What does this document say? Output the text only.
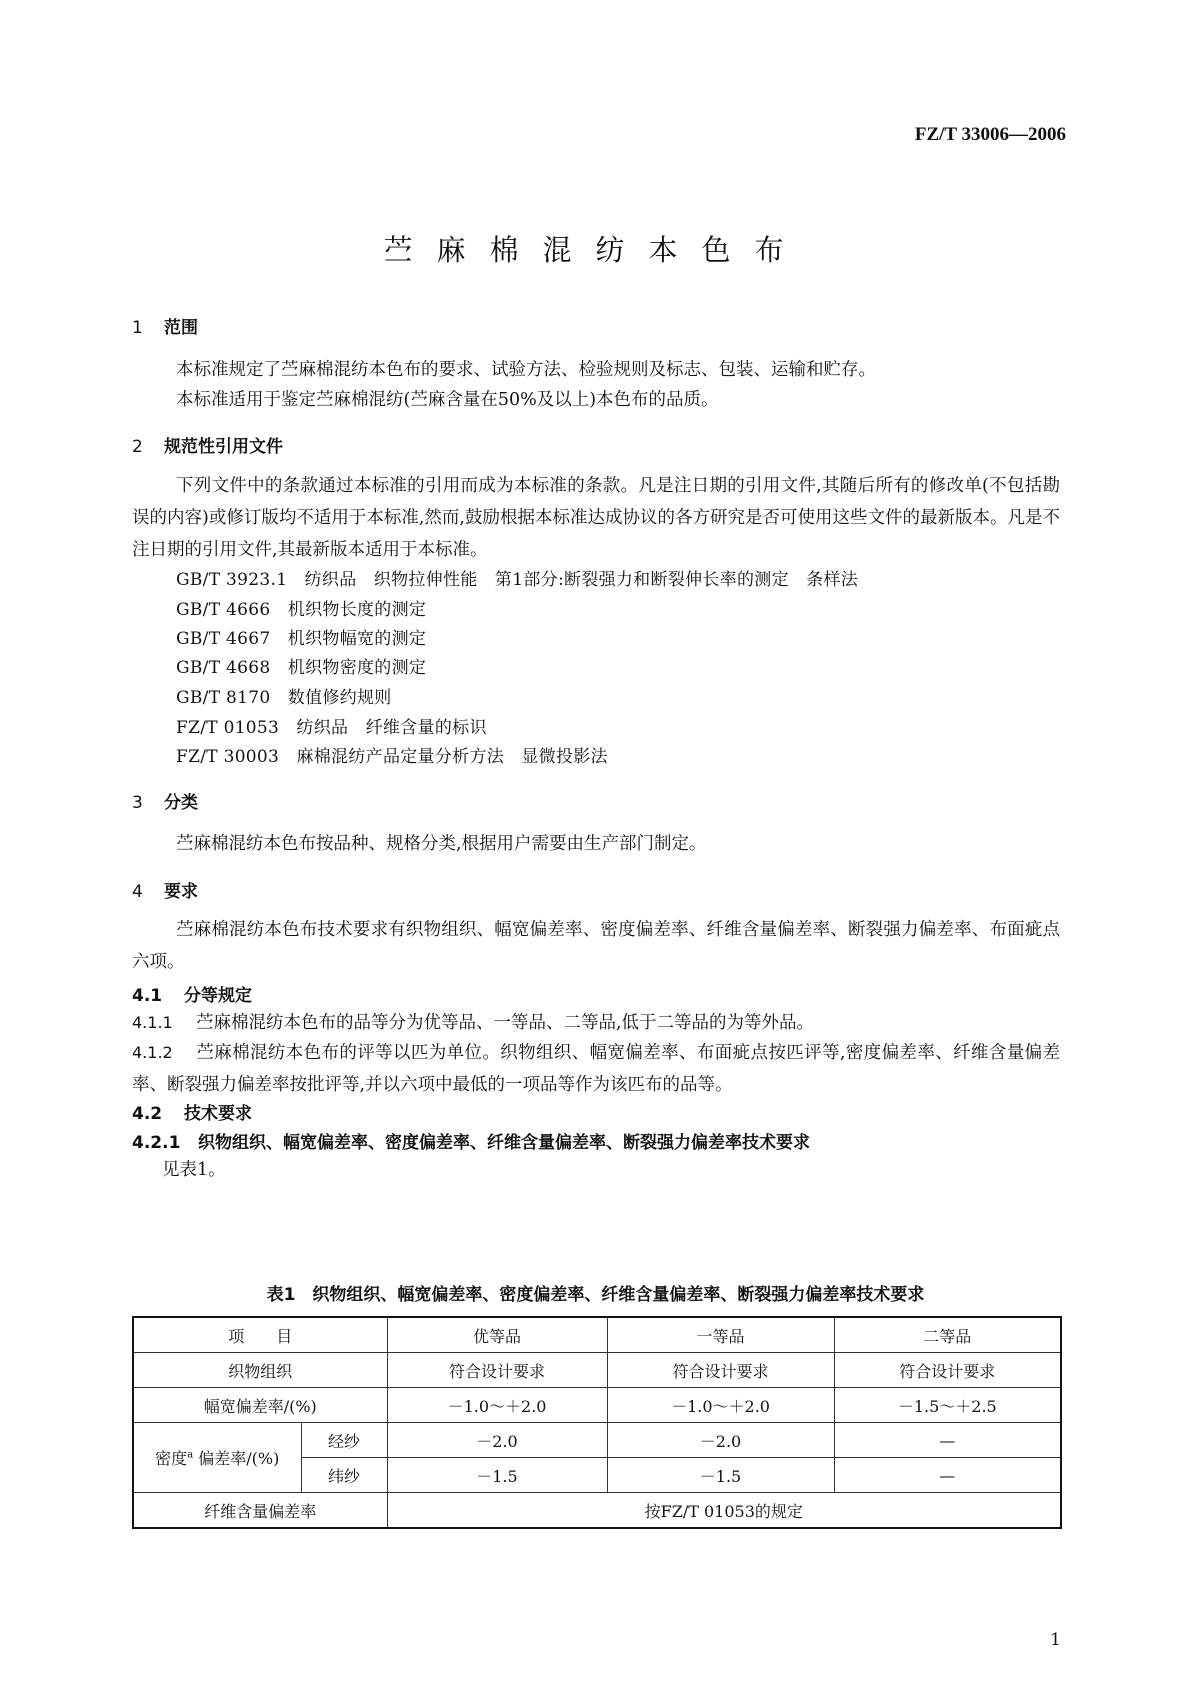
FZ/T 33006—2006
苎麻棉混纺本色布
1 范围
本标准规定了苎麻棉混纺本色布的要求、试验方法、检验规则及标志、包装、运输和贮存。
本标准适用于鉴定苎麻棉混纺(苎麻含量在50%及以上)本色布的品质。
2 规范性引用文件
下列文件中的条款通过本标准的引用而成为本标准的条款。凡是注日期的引用文件,其随后所有的修改单(不包括勘误的内容)或修订版均不适用于本标准,然而,鼓励根据本标准达成协议的各方研究是否可使用这些文件的最新版本。凡是不注日期的引用文件,其最新版本适用于本标准。
GB/T 3923.1　纺织品　织物拉伸性能　第1部分:断裂强力和断裂伸长率的测定　条样法
GB/T 4666　机织物长度的测定
GB/T 4667　机织物幅宽的测定
GB/T 4668　机织物密度的测定
GB/T 8170　数值修约规则
FZ/T 01053　纺织品　纤维含量的标识
FZ/T 30003　麻棉混纺产品定量分析方法　显微投影法
3 分类
苎麻棉混纺本色布按品种、规格分类,根据用户需要由生产部门制定。
4 要求
苎麻棉混纺本色布技术要求有织物组织、幅宽偏差率、密度偏差率、纤维含量偏差率、断裂强力偏差率、布面疵点六项。
4.1 分等规定
4.1.1 苎麻棉混纺本色布的品等分为优等品、一等品、二等品,低于二等品的为等外品。
4.1.2 苎麻棉混纺本色布的评等以匹为单位。织物组织、幅宽偏差率、布面疵点按匹评等,密度偏差率、纤维含量偏差率、断裂强力偏差率按批评等,并以六项中最低的一项品等作为该匹布的品等。
4.2 技术要求
4.2.1 织物组织、幅宽偏差率、密度偏差率、纤维含量偏差率、断裂强力偏差率技术要求
见表1。
表1　织物组织、幅宽偏差率、密度偏差率、纤维含量偏差率、断裂强力偏差率技术要求
项　　目		优等品	一等品	二等品
织物组织		符合设计要求	符合设计要求	符合设计要求
幅宽偏差率/(%)		－1.0～＋2.0	－1.0～＋2.0	－1.5～＋2.5
密度$^a$ 偏差率/(%)	经纱	－2.0	－2.0	—
	纬纱	－1.5	－1.5	—
纤维含量偏差率		按FZ/T 01053的规定		
1
